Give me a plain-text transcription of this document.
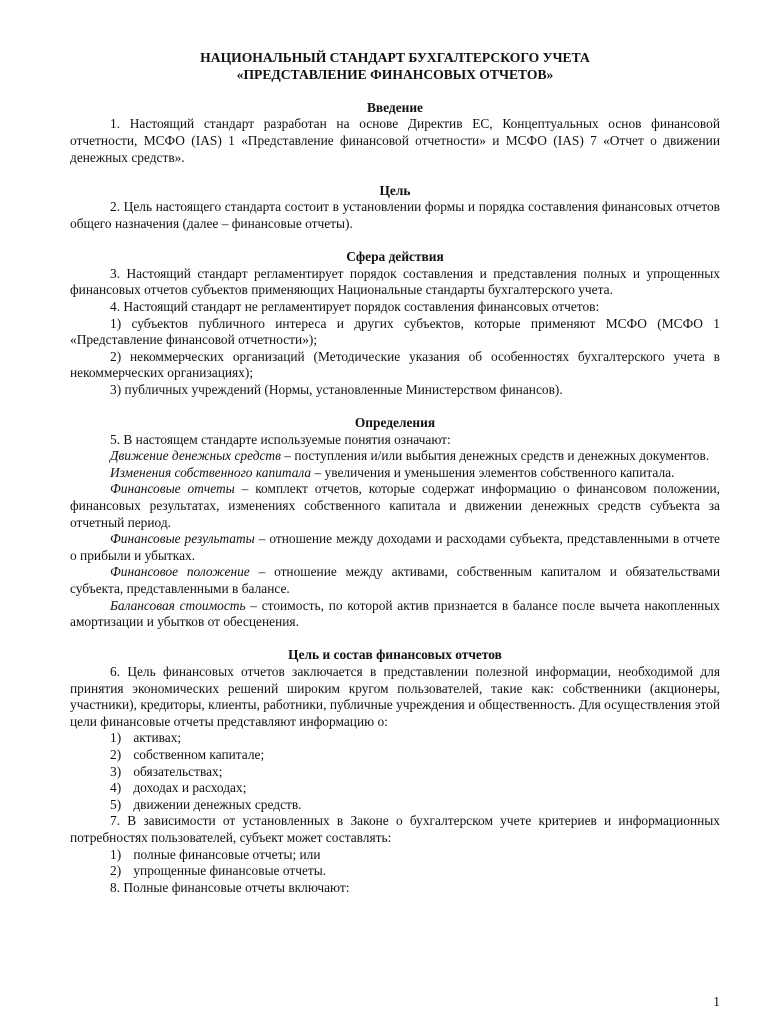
НАЦИОНАЛЬНЫЙ СТАНДАРТ БУХГАЛТЕРСКОГО УЧЕТА
«ПРЕДСТАВЛЕНИЕ ФИНАНСОВЫХ ОТЧЕТОВ»
Введение

1. Настоящий стандарт разработан на основе Директив ЕС, Концептуальных основ финансовой отчетности, МСФО (IAS) 1 «Представление финансовой отчетности» и МСФО (IAS) 7 «Отчет о движении денежных средств».

Цель

2. Цель настоящего стандарта состоит в установлении формы и порядка составления финансовых отчетов общего назначения (далее – финансовые отчеты).

Сфера действия

3. Настоящий стандарт регламентирует порядок составления и представления полных и упрощенных финансовых отчетов субъектов применяющих Национальные стандарты бухгалтерского учета.

4. Настоящий стандарт не регламентирует порядок составления финансовых отчетов:

1) субъектов публичного интереса и других субъектов, которые применяют МСФО (МСФО 1 «Представление финансовой отчетности»);

2) некоммерческих организаций (Методические указания об особенностях бухгалтерского учета в некоммерческих организациях);

3) публичных учреждений (Нормы, установленные Министерством финансов).

Определения

5. В настоящем стандарте используемые понятия означают:

Движение денежных средств – поступления и/или выбытия денежных средств и денежных документов.

Изменения собственного капитала – увеличения и уменьшения элементов собственного капитала.

Финансовые отчеты – комплект отчетов, которые содержат информацию о финансовом положении, финансовых результатах, изменениях собственного капитала и движении денежных средств субъекта за отчетный период.

Финансовые результаты – отношение между доходами и расходами субъекта, представленными в отчете о прибыли и убытках.

Финансовое положение – отношение между активами, собственным капиталом и обязательствами субъекта, представленными в балансе.

Балансовая стоимость – стоимость, по которой актив признается в балансе после вычета накопленных амортизации и убытков от обесценения.

Цель и состав финансовых отчетов

6. Цель финансовых отчетов заключается в представлении полезной информации, необходимой для принятия экономических решений широким кругом пользователей, такие как: собственники (акционеры, участники), кредиторы, клиенты, работники, публичные учреждения и общественность. Для осуществления этой цели финансовые отчеты представляют информацию о:

1) активах;

2) собственном капитале;

3) обязательствах;

4) доходах и расходах;

5) движении денежных средств.

7. В зависимости от установленных в Законе о бухгалтерском учете критериев и информационных потребностях пользователей, субъект может составлять:

1) полные финансовые отчеты; или

2) упрощенные финансовые отчеты.

8. Полные финансовые отчеты включают:

1
